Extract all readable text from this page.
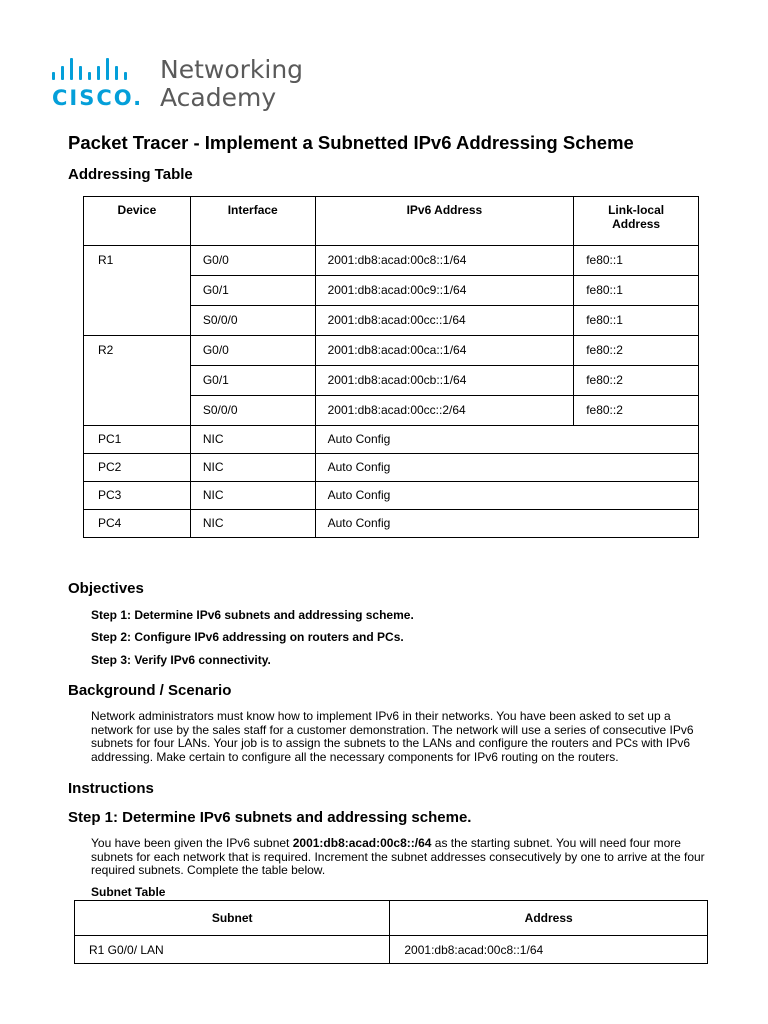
CISCO.
Networking
Academy
Packet Tracer - Implement a Subnetted IPv6 Addressing Scheme
Addressing Table
Device	Interface	IPv6 Address	Link-local
Address
R1	G0/0	2001:db8:acad:00c8::1/64	fe80::1
	G0/1	2001:db8:acad:00c9::1/64	fe80::1
	S0/0/0	2001:db8:acad:00cc::1/64	fe80::1
R2	G0/0	2001:db8:acad:00ca::1/64	fe80::2
	G0/1	2001:db8:acad:00cb::1/64	fe80::2
	S0/0/0	2001:db8:acad:00cc::2/64	fe80::2
PC1	NIC	Auto Config	
PC2	NIC	Auto Config	
PC3	NIC	Auto Config	
PC4	NIC	Auto Config	
Objectives
Step 1: Determine IPv6 subnets and addressing scheme.
Step 2: Configure IPv6 addressing on routers and PCs.
Step 3: Verify IPv6 connectivity.
Background / Scenario
Network administrators must know how to implement IPv6 in their networks. You have been asked to set up a network for use by the sales staff for a customer demonstration. The network will use a series of consecutive IPv6 subnets for four LANs. Your job is to assign the subnets to the LANs and configure the routers and PCs with IPv6 addressing. Make certain to configure all the necessary components for IPv6 routing on the routers.
Instructions
Step 1: Determine IPv6 subnets and addressing scheme.
You have been given the IPv6 subnet 2001:db8:acad:00c8::/64 as the starting subnet. You will need four more subnets for each network that is required. Increment the subnet addresses consecutively by one to arrive at the four required subnets. Complete the table below.
Subnet Table
Subnet	Address
R1 G0/0/ LAN	2001:db8:acad:00c8::1/64
